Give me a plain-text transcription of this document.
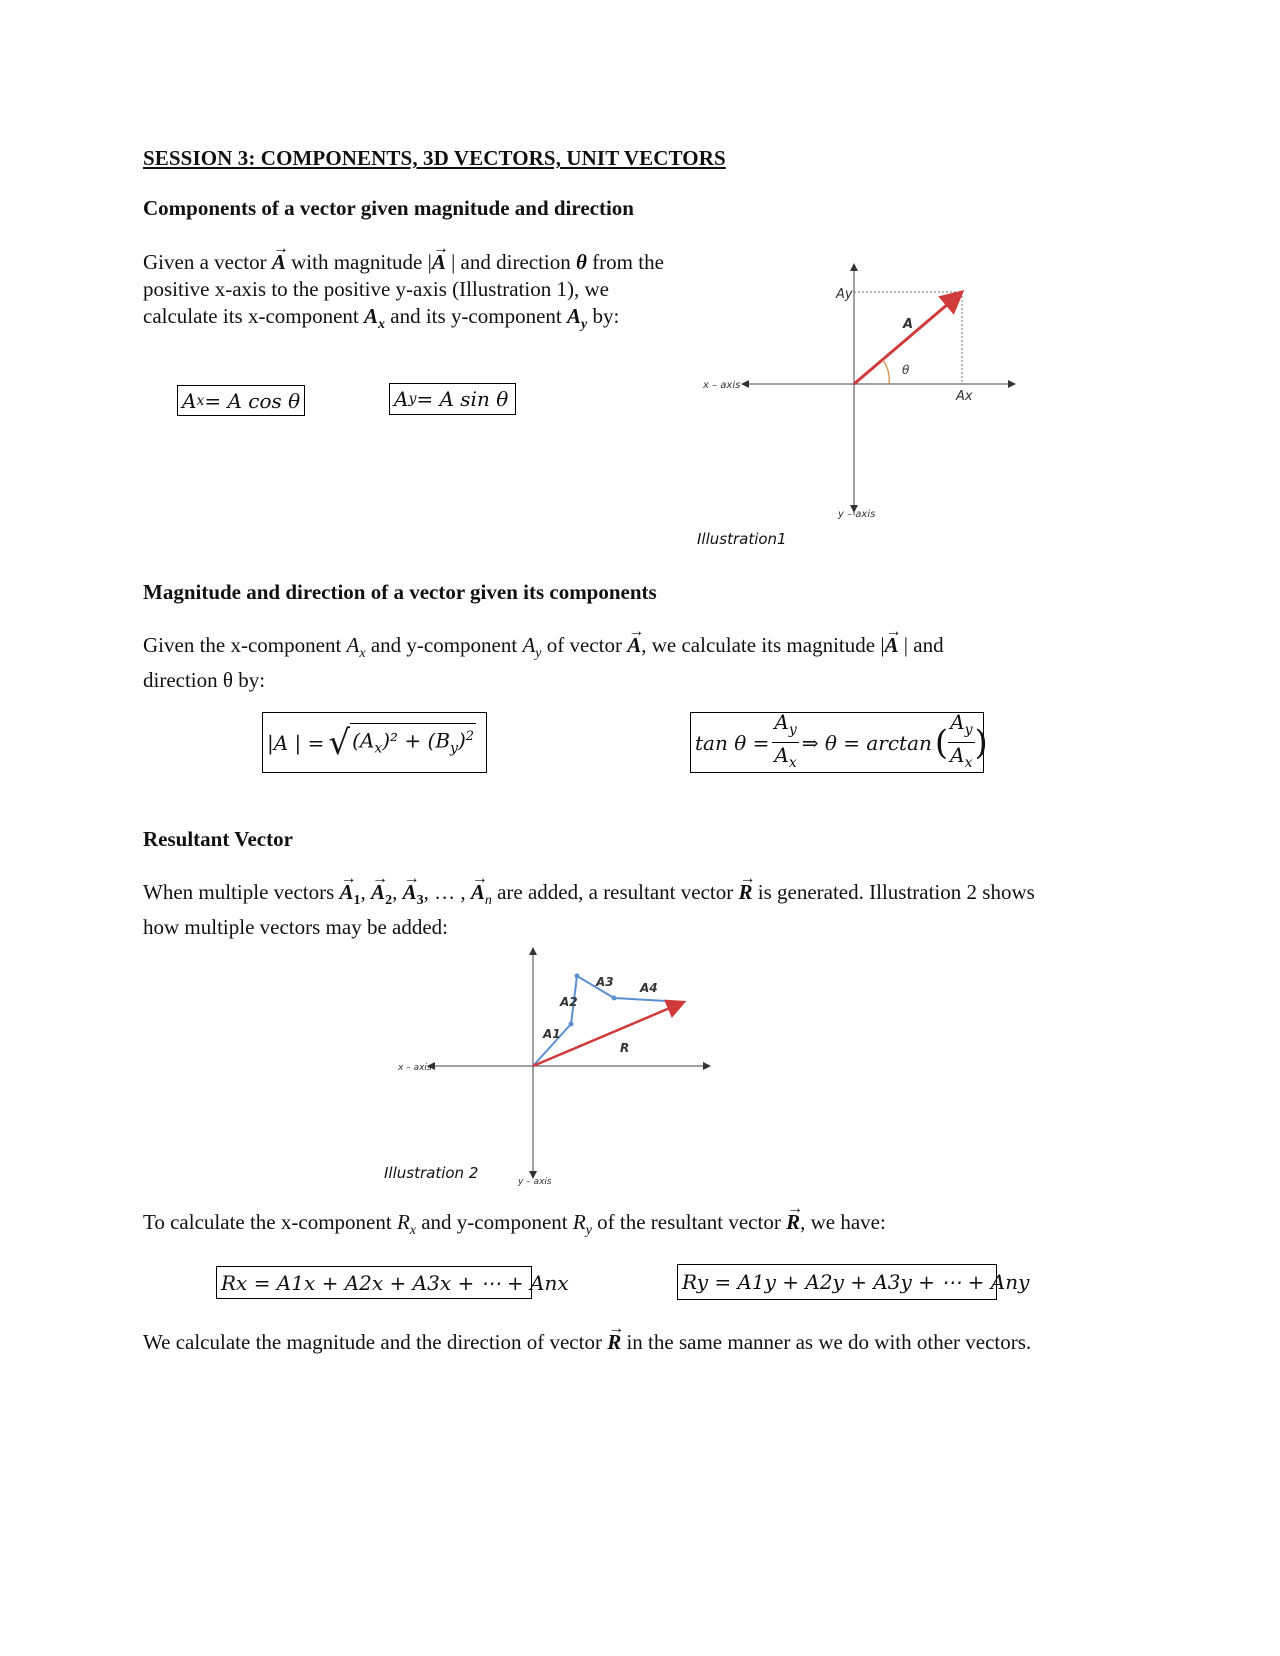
SESSION 3: COMPONENTS, 3D VECTORS, UNIT VECTORS
Components of a vector given magnitude and direction
Given a vector → A with magnitude |→ A | and direction θ from the positive x-axis to the positive y-axis (Illustration 1), we calculate its x-component $A_x$ and its y-component $A_y$ by:
A x = A cos θ	A y = A sin θ
Ay
Ax
A
θ
x – axis
y – axis
Illustration1
Magnitude and direction of a vector given its components
Given the x-component $A_x$ and y-component $A_y$ of vector → A, we calculate its magnitude |→ A | and
direction θ by:
|A | = √ $(A_x)^2 + (B_y)^2$	$\tan \theta = \frac{A_y}{A_x}$ ⇒ θ = arctan ( $\frac{A_y}{A_x}$ )
Resultant Vector
When multiple vectors → $A_1$, → $A_2$, → $A_3$, … , → $A_n$ are added, a resultant vector → R is generated. Illustration 2 shows
how multiple vectors may be added:
A1
A2
A3 A4
R
x – axis
y – axis
Illustration 2
To calculate the x-component $R_x$ and y-component $R_y$ of the resultant vector → R, we have:
Rx = A1x + A2x + A3x + ⋯ + Anx	Ry = A1y + A2y + A3y + ⋯ + Any
We calculate the magnitude and the direction of vector → R in the same manner as we do with other vectors.
